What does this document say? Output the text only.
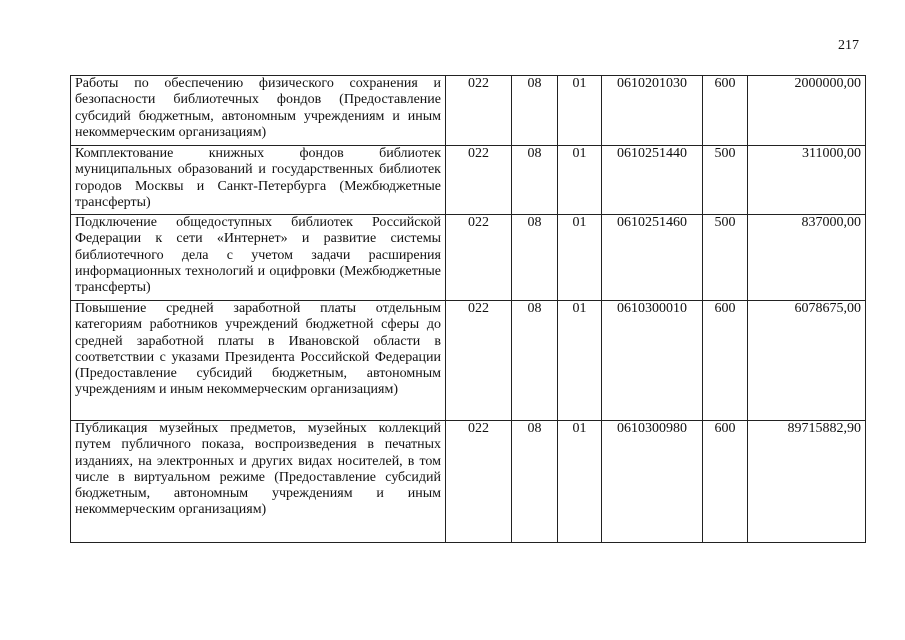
217
Работы по обеспечению физического сохранения и безопасности библиотечных фондов (Предоставление субсидий бюджетным, автономным учреждениям и иным некоммерческим организациям)	022	08	01	0610201030	600	2000000,00
Комплектование книжных фондов библиотек муниципальных образований и государственных библиотек городов Москвы и Санкт-Петербурга (Межбюджетные трансферты)	022	08	01	0610251440	500	311000,00
Подключение общедоступных библиотек Российской Федерации к сети «Интернет» и развитие системы библиотечного дела с учетом задачи расширения информационных технологий и оцифровки (Межбюджетные трансферты)	022	08	01	0610251460	500	837000,00
Повышение средней заработной платы отдельным категориям работников учреждений бюджетной сферы до средней заработной платы в Ивановской области в соответствии с указами Президента Российской Федерации (Предоставление субсидий бюджетным, автономным учреждениям и иным некоммерческим организациям)	022	08	01	0610300010	600	6078675,00
Публикация музейных предметов, музейных коллекций путем публичного показа, воспроизведения в печатных изданиях, на электронных и других видах носителей, в том числе в виртуальном режиме (Предоставление субсидий бюджетным, автономным учреждениям и иным некоммерческим организациям)	022	08	01	0610300980	600	89715882,90
